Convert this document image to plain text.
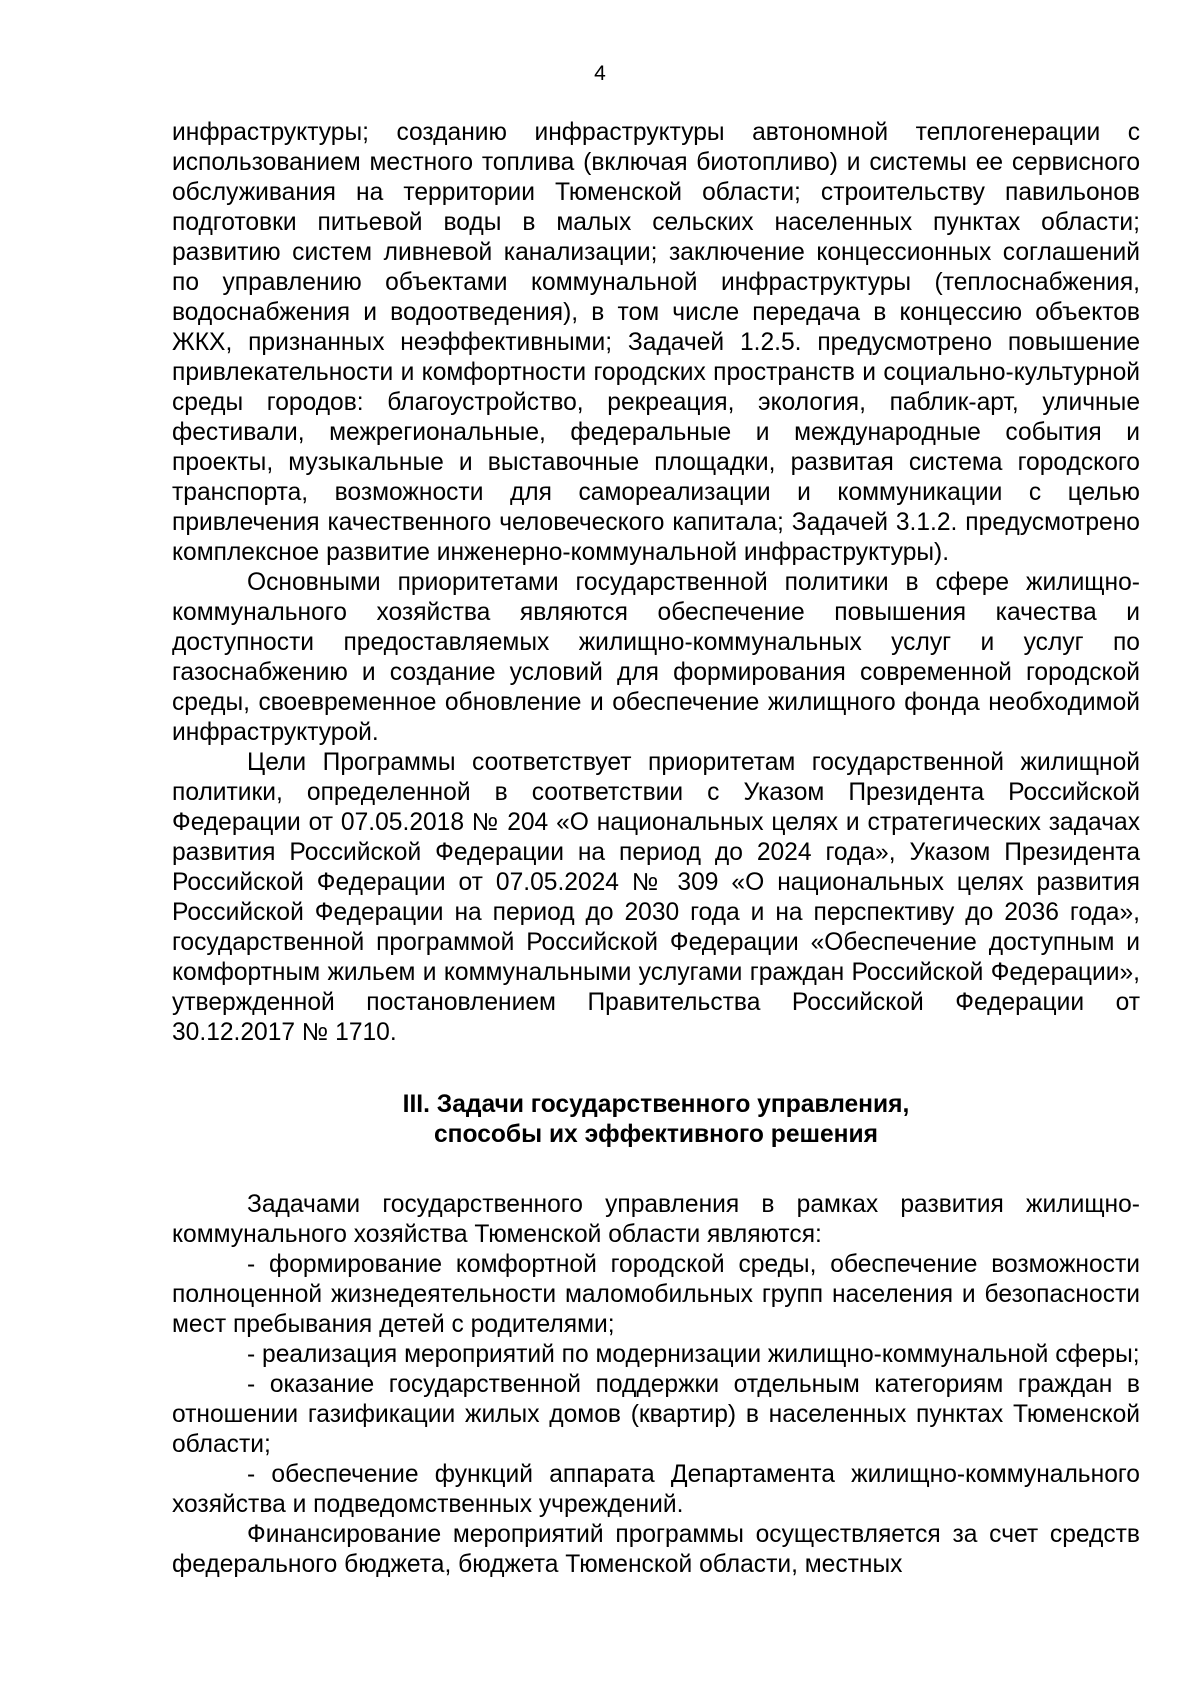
4

инфраструктуры; созданию инфраструктуры автономной теплогенерации с использованием местного топлива (включая биотопливо) и системы ее сервисного обслуживания на территории Тюменской области; строительству павильонов подготовки питьевой воды в малых сельских населенных пунктах области; развитию систем ливневой канализации; заключение концессионных соглашений по управлению объектами коммунальной инфраструктуры (теплоснабжения, водоснабжения и водоотведения), в том числе передача в концессию объектов ЖКХ, признанных неэффективными; Задачей 1.2.5. предусмотрено повышение привлекательности и комфортности городских пространств и социально-культурной среды городов: благоустройство, рекреация, экология, паблик-арт, уличные фестивали, межрегиональные, федеральные и международные события и проекты, музыкальные и выставочные площадки, развитая система городского транспорта, возможности для самореализации и коммуникации с целью привлечения качественного человеческого капитала; Задачей 3.1.2. предусмотрено комплексное развитие инженерно-коммунальной инфраструктуры).

Основными приоритетами государственной политики в сфере жилищно-коммунального хозяйства являются обеспечение повышения качества и доступности предоставляемых жилищно-коммунальных услуг и услуг по газоснабжению и создание условий для формирования современной городской среды, своевременное обновление и обеспечение жилищного фонда необходимой инфраструктурой.

Цели Программы соответствует приоритетам государственной жилищной политики, определенной в соответствии с Указом Президента Российской Федерации от 07.05.2018 № 204 «О национальных целях и стратегических задачах развития Российской Федерации на период до 2024 года», Указом Президента Российской Федерации от 07.05.2024 № 309 «О национальных целях развития Российской Федерации на период до 2030 года и на перспективу до 2036 года», государственной программой Российской Федерации «Обеспечение доступным и комфортным жильем и коммунальными услугами граждан Российской Федерации», утвержденной постановлением Правительства Российской Федерации от 30.12.2017 № 1710.

III. Задачи государственного управления,
способы их эффективного решения

Задачами государственного управления в рамках развития жилищно-коммунального хозяйства Тюменской области являются:

- формирование комфортной городской среды, обеспечение возможности полноценной жизнедеятельности маломобильных групп населения и безопасности мест пребывания детей с родителями;

- реализация мероприятий по модернизации жилищно-коммунальной сферы;

- оказание государственной поддержки отдельным категориям граждан в отношении газификации жилых домов (квартир) в населенных пунктах Тюменской области;

- обеспечение функций аппарата Департамента жилищно-коммунального хозяйства и подведомственных учреждений.

Финансирование мероприятий программы осуществляется за счет средств федерального бюджета, бюджета Тюменской области, местных
